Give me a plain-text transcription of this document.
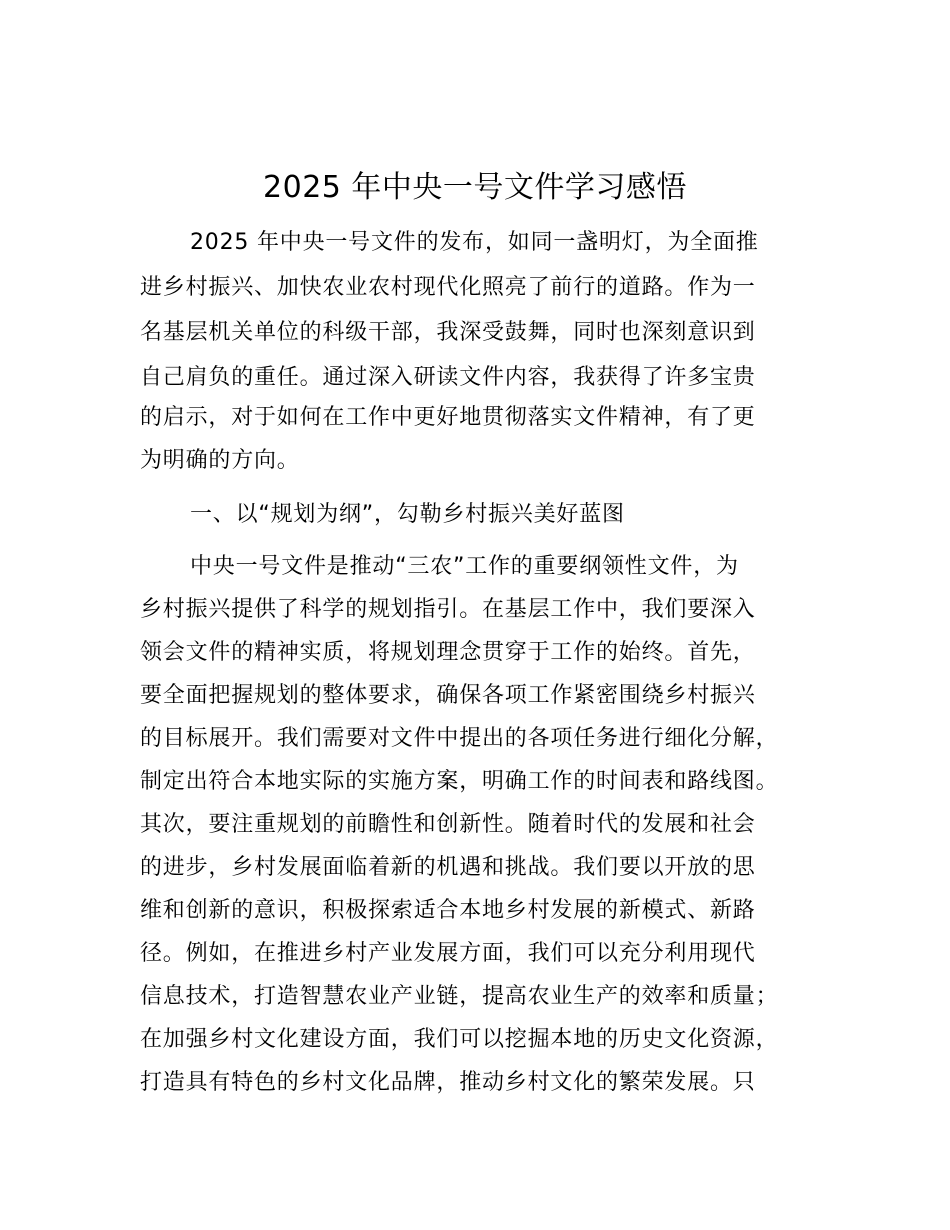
2025 年中央一号文件学习感悟
2025 年中央一号文件的发布，如同一盏明灯，为全面推
进乡村振兴、加快农业农村现代化照亮了前行的道路。作为一
名基层机关单位的科级干部，我深受鼓舞，同时也深刻意识到
自己肩负的重任。通过深入研读文件内容，我获得了许多宝贵
的启示，对于如何在工作中更好地贯彻落实文件精神，有了更
为明确的方向。
一、以“规划为纲”，勾勒乡村振兴美好蓝图
中央一号文件是推动“三农”工作的重要纲领性文件，为
乡村振兴提供了科学的规划指引。在基层工作中，我们要深入
领会文件的精神实质，将规划理念贯穿于工作的始终。首先，
要全面把握规划的整体要求，确保各项工作紧密围绕乡村振兴
的目标展开。我们需要对文件中提出的各项任务进行细化分解，
制定出符合本地实际的实施方案，明确工作的时间表和路线图。
其次，要注重规划的前瞻性和创新性。随着时代的发展和社会
的进步，乡村发展面临着新的机遇和挑战。我们要以开放的思
维和创新的意识，积极探索适合本地乡村发展的新模式、新路
径。例如，在推进乡村产业发展方面，我们可以充分利用现代
信息技术，打造智慧农业产业链，提高农业生产的效率和质量；
在加强乡村文化建设方面，我们可以挖掘本地的历史文化资源，
打造具有特色的乡村文化品牌，推动乡村文化的繁荣发展。只
